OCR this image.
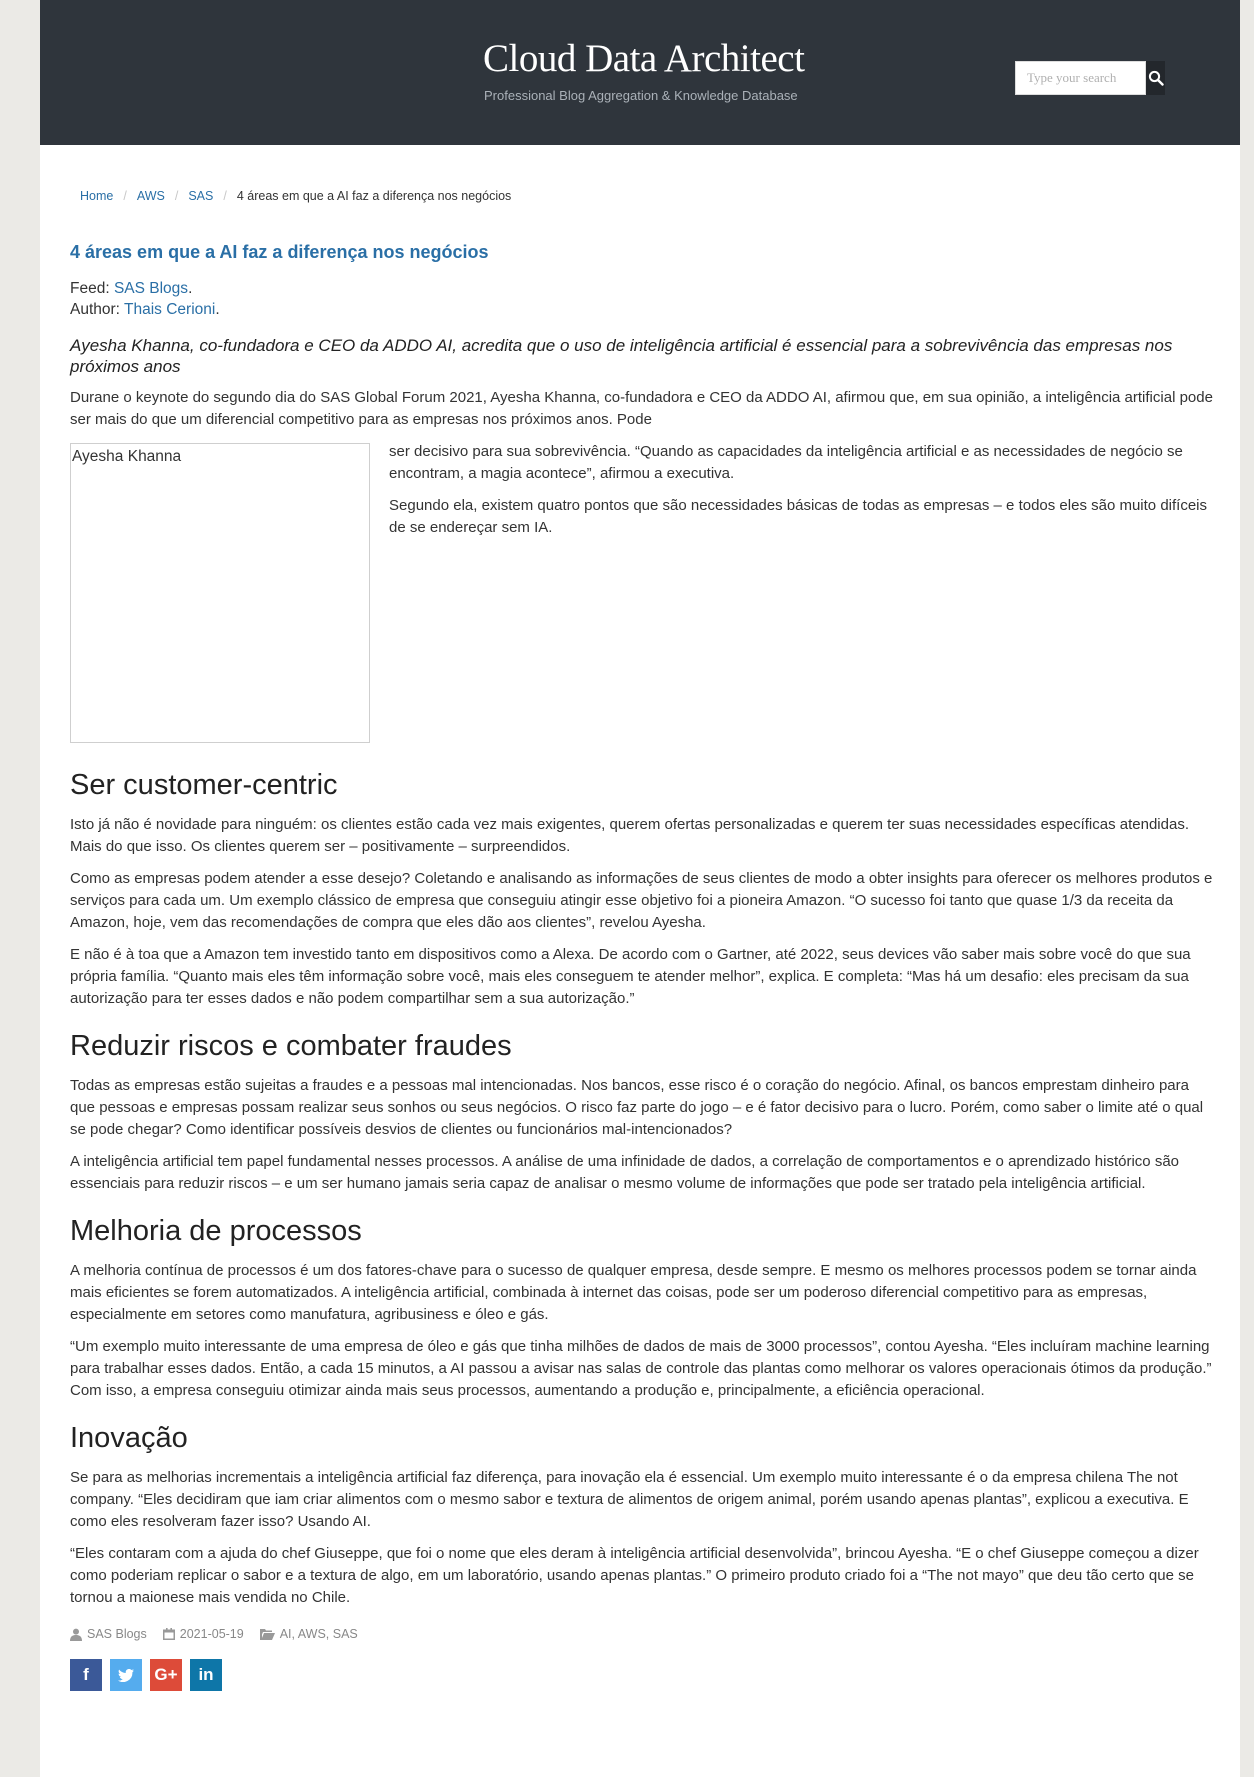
Cloud Data Architect
Professional Blog Aggregation & Knowledge Database
Type your search
Home / AWS / SAS / 4 áreas em que a AI faz a diferença nos negócios
4 áreas em que a AI faz a diferença nos negócios
Feed: SAS Blogs.
Author: Thais Cerioni.

Ayesha Khanna, co-fundadora e CEO da ADDO AI, acredita que o uso de inteligência artificial é essencial para a sobrevivência das empresas nos próximos anos

Durane o keynote do segundo dia do SAS Global Forum 2021, Ayesha Khanna, co-fundadora e CEO da ADDO AI, afirmou que, em sua opinião, a inteligência artificial pode ser mais do que um diferencial competitivo para as empresas nos próximos anos. Pode

Ayesha Khanna	ser decisivo para sua sobrevivência. “Quando as capacidades da inteligência artificial e as necessidades de negócio se encontram, a magia acontece”, afirmou a executiva.

Segundo ela, existem quatro pontos que são necessidades básicas de todas as empresas – e todos eles são muito difíceis de se endereçar sem IA.

Ser customer-centric

Isto já não é novidade para ninguém: os clientes estão cada vez mais exigentes, querem ofertas personalizadas e querem ter suas necessidades específicas atendidas. Mais do que isso. Os clientes querem ser – positivamente – surpreendidos.

Como as empresas podem atender a esse desejo? Coletando e analisando as informações de seus clientes de modo a obter insights para oferecer os melhores produtos e serviços para cada um. Um exemplo clássico de empresa que conseguiu atingir esse objetivo foi a pioneira Amazon. “O sucesso foi tanto que quase 1/3 da receita da Amazon, hoje, vem das recomendações de compra que eles dão aos clientes”, revelou Ayesha.

E não é à toa que a Amazon tem investido tanto em dispositivos como a Alexa. De acordo com o Gartner, até 2022, seus devices vão saber mais sobre você do que sua própria família. “Quanto mais eles têm informação sobre você, mais eles conseguem te atender melhor”, explica. E completa: “Mas há um desafio: eles precisam da sua autorização para ter esses dados e não podem compartilhar sem a sua autorização.”

Reduzir riscos e combater fraudes

Todas as empresas estão sujeitas a fraudes e a pessoas mal intencionadas. Nos bancos, esse risco é o coração do negócio. Afinal, os bancos emprestam dinheiro para que pessoas e empresas possam realizar seus sonhos ou seus negócios. O risco faz parte do jogo – e é fator decisivo para o lucro. Porém, como saber o limite até o qual se pode chegar? Como identificar possíveis desvios de clientes ou funcionários mal-intencionados?

A inteligência artificial tem papel fundamental nesses processos. A análise de uma infinidade de dados, a correlação de comportamentos e o aprendizado histórico são essenciais para reduzir riscos – e um ser humano jamais seria capaz de analisar o mesmo volume de informações que pode ser tratado pela inteligência artificial.

Melhoria de processos

A melhoria contínua de processos é um dos fatores-chave para o sucesso de qualquer empresa, desde sempre. E mesmo os melhores processos podem se tornar ainda mais eficientes se forem automatizados. A inteligência artificial, combinada à internet das coisas, pode ser um poderoso diferencial competitivo para as empresas, especialmente em setores como manufatura, agribusiness e óleo e gás.

“Um exemplo muito interessante de uma empresa de óleo e gás que tinha milhões de dados de mais de 3000 processos”, contou Ayesha. “Eles incluíram machine learning para trabalhar esses dados. Então, a cada 15 minutos, a AI passou a avisar nas salas de controle das plantas como melhorar os valores operacionais ótimos da produção.” Com isso, a empresa conseguiu otimizar ainda mais seus processos, aumentando a produção e, principalmente, a eficiência operacional.

Inovação

Se para as melhorias incrementais a inteligência artificial faz diferença, para inovação ela é essencial. Um exemplo muito interessante é o da empresa chilena The not company. “Eles decidiram que iam criar alimentos com o mesmo sabor e textura de alimentos de origem animal, porém usando apenas plantas”, explicou a executiva. E como eles resolveram fazer isso? Usando AI.

“Eles contaram com a ajuda do chef Giuseppe, que foi o nome que eles deram à inteligência artificial desenvolvida”, brincou Ayesha. “E o chef Giuseppe começou a dizer como poderiam replicar o sabor e a textura de algo, em um laboratório, usando apenas plantas.” O primeiro produto criado foi a “The not mayo” que deu tão certo que se tornou a maionese mais vendida no Chile.

SAS Blogs	2021-05-19	AI, AWS, SAS
f	G+ in
